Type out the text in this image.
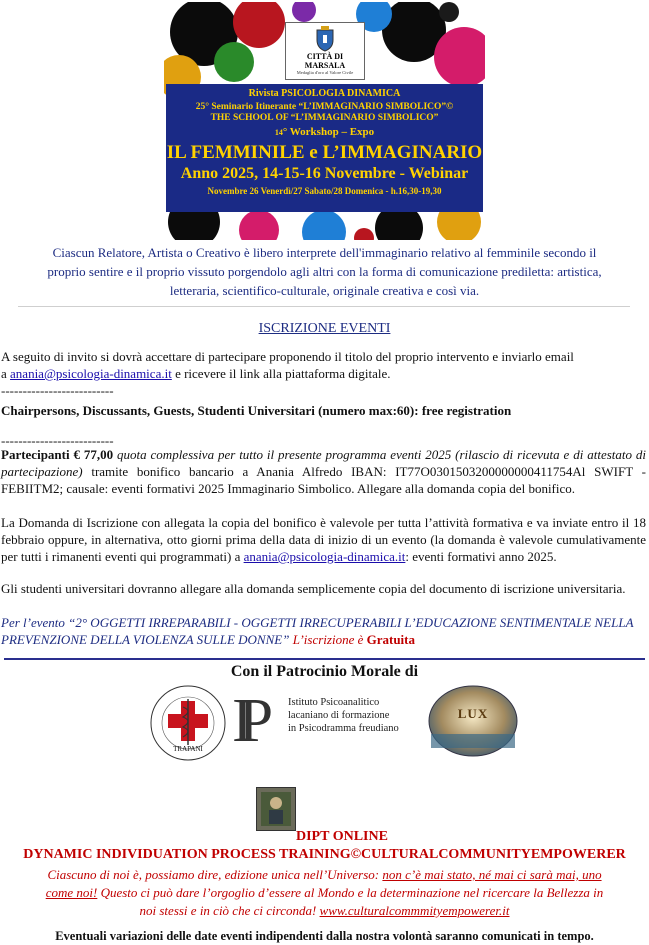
CITTÀ DI MARSALA
Medaglia d'oro al Valore Civile
Rivista PSICOLOGIA DINAMICA
25° Seminario Itinerante “L’IMMAGINARIO SIMBOLICO”©
THE SCHOOL OF “L’IMMAGINARIO SIMBOLICO”
14° Workshop – Expo
IL FEMMINILE e L’IMMAGINARIO
Anno 2025, 14-15-16 Novembre - Webinar
Novembre 26 Venerdì/27 Sabato/28 Domenica - h.16,30-19,30
Ciascun Relatore, Artista o Creativo è libero interprete dell'immaginario relativo al femminile secondo il
proprio sentire e il proprio vissuto porgendolo agli altri con la forma di comunicazione prediletta: artistica,
letteraria, scientifico-culturale, originale creativa e così via.
ISCRIZIONE EVENTI
A seguito di invito si dovrà accettare di partecipare proponendo il titolo del proprio intervento e inviarlo email
a anania@psicologia-dinamica.it e ricevere il link alla piattaforma digitale.
--------------------------
Chairpersons, Discussants, Guests, Studenti Universitari (numero max:60): free registration
--------------------------
Partecipanti € 77,00 quota complessiva per tutto il presente programma eventi 2025 (rilascio di ricevuta e di attestato di partecipazione) tramite bonifico bancario a Anania Alfredo IBAN: IT77O0301503200000000411754Al SWIFT - FEBIITM2; causale: eventi formativi 2025 Immaginario Simbolico. Allegare alla domanda copia del bonifico.
La Domanda di Iscrizione con allegata la copia del bonifico è valevole per tutta l’attività formativa e va inviate entro il 18 febbraio oppure, in alternativa, otto giorni prima della data di inizio di un evento (la domanda è valevole cumulativamente per tutti i rimanenti eventi qui programmati) a anania@psicologia-dinamica.it: eventi formativi anno 2025.
Gli studenti universitari dovranno allegare alla domanda semplicemente copia del documento di iscrizione universitaria.
Per l’evento “2° OGGETTI IRREPARABILI - OGGETTI IRRECUPERABILI L’EDUCAZIONE SENTIMENTALE NELLA PREVENZIONE DELLA VIOLENZA SULLE DONNE” L’iscrizione è Gratuita
Con il Patrocinio Morale di
TRAPANI IP	Istituto Psicoanalitico
lacaniano di formazione
in Psicodramma freudiano
LUX
DIPT ONLINE
DYNAMIC INDIVIDUATION PROCESS TRAINING©CULTURALCOMMUNITYEMPOWERER
Ciascuno di noi è, possiamo dire, edizione unica nell’Universo: non c’è mai stato, né mai ci sarà mai, uno
come noi! Questo ci può dare l’orgoglio d’essere al Mondo e la determinazione nel ricercare la Bellezza in
noi stessi e in ciò che ci circonda! www.culturalcommmityempowerer.it
Eventuali variazioni delle date eventi indipendenti dalla nostra volontà saranno comunicati in tempo.
